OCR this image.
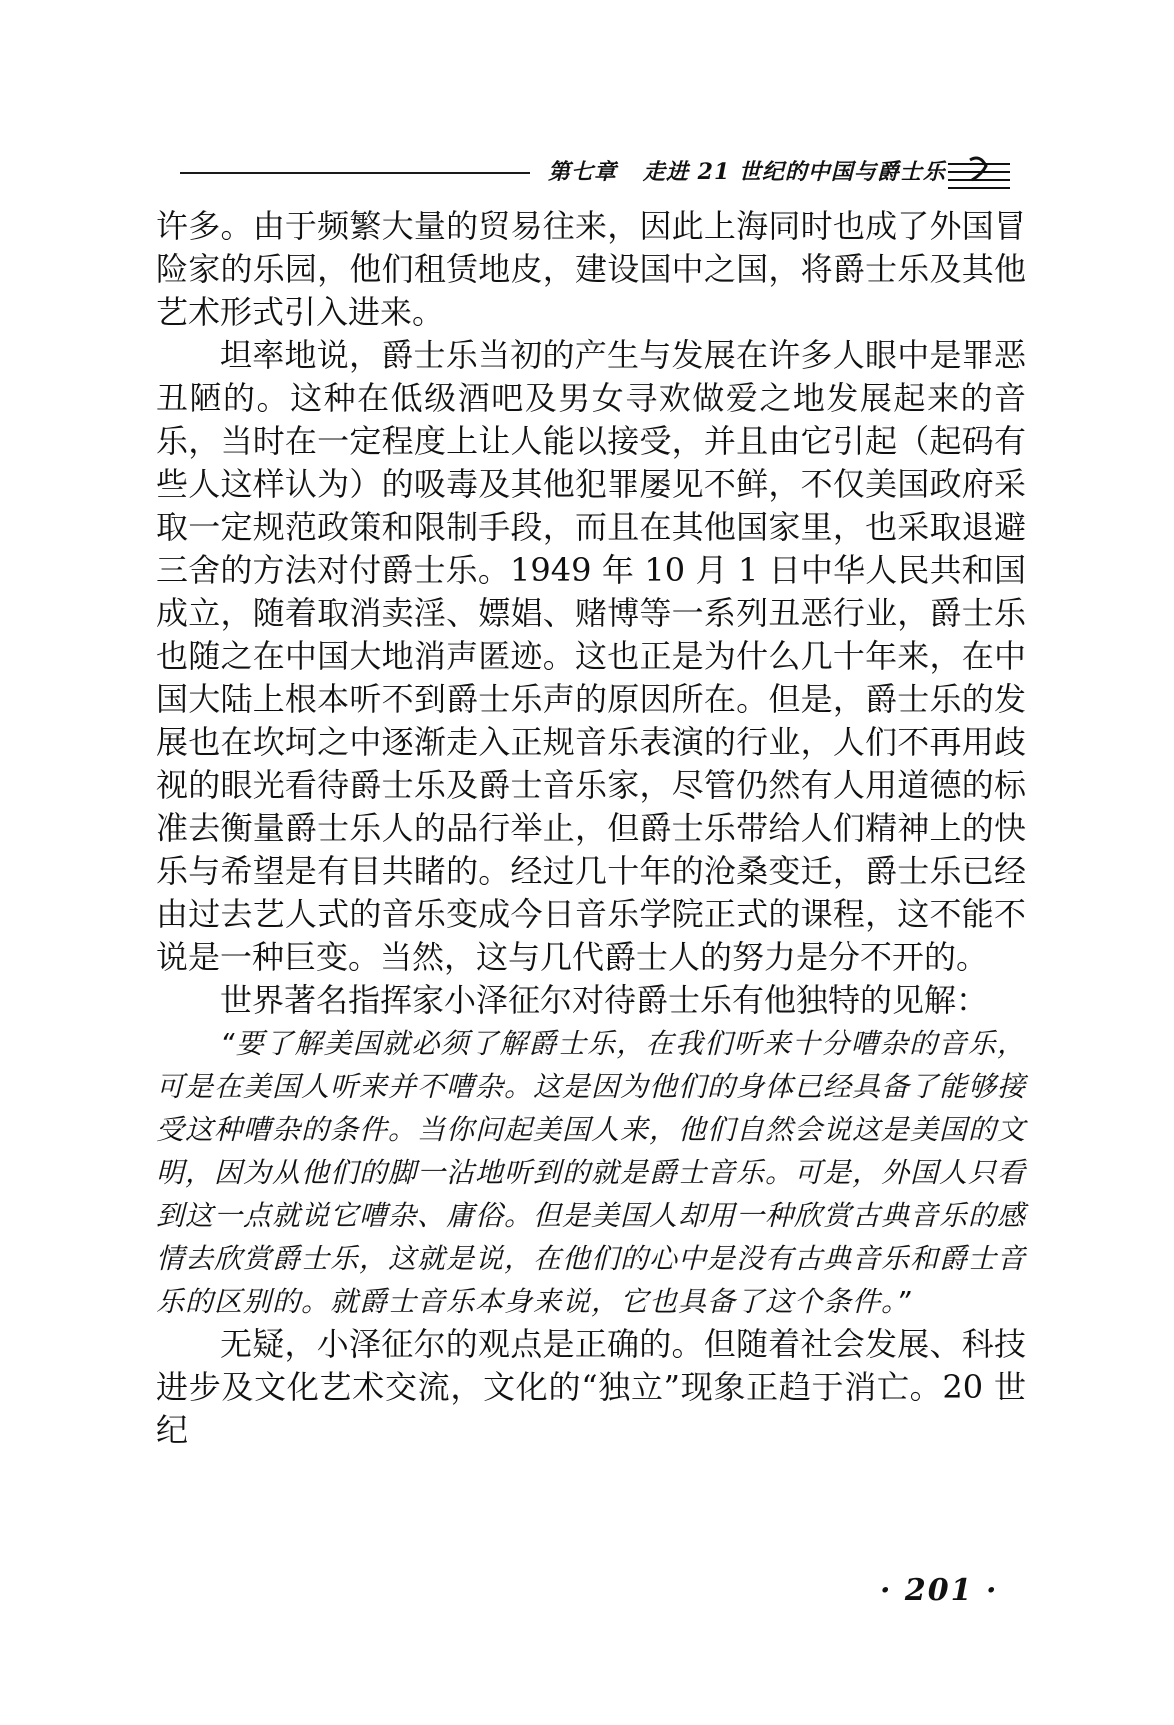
第七章 走进 21 世纪的中国与爵士乐

许多。由于频繁大量的贸易往来，因此上海同时也成了外国冒险家的乐园，他们租赁地皮，建设国中之国，将爵士乐及其他艺术形式引入进来。

坦率地说，爵士乐当初的产生与发展在许多人眼中是罪恶丑陋的。这种在低级酒吧及男女寻欢做爱之地发展起来的音乐，当时在一定程度上让人能以接受，并且由它引起（起码有些人这样认为）的吸毒及其他犯罪屡见不鲜，不仅美国政府采取一定规范政策和限制手段，而且在其他国家里，也采取退避三舍的方法对付爵士乐。1949 年 10 月 1 日中华人民共和国成立，随着取消卖淫、嫖娼、赌博等一系列丑恶行业，爵士乐也随之在中国大地消声匿迹。这也正是为什么几十年来，在中国大陆上根本听不到爵士乐声的原因所在。但是，爵士乐的发展也在坎坷之中逐渐走入正规音乐表演的行业，人们不再用歧视的眼光看待爵士乐及爵士音乐家，尽管仍然有人用道德的标准去衡量爵士乐人的品行举止，但爵士乐带给人们精神上的快乐与希望是有目共睹的。经过几十年的沧桑变迁，爵士乐已经由过去艺人式的音乐变成今日音乐学院正式的课程，这不能不说是一种巨变。当然，这与几代爵士人的努力是分不开的。

世界著名指挥家小泽征尔对待爵士乐有他独特的见解：

“要了解美国就必须了解爵士乐，在我们听来十分嘈杂的音乐，可是在美国人听来并不嘈杂。这是因为他们的身体已经具备了能够接受这种嘈杂的条件。当你问起美国人来，他们自然会说这是美国的文明，因为从他们的脚一沾地听到的就是爵士音乐。可是，外国人只看到这一点就说它嘈杂、庸俗。但是美国人却用一种欣赏古典音乐的感情去欣赏爵士乐，这就是说，在他们的心中是没有古典音乐和爵士音乐的区别的。就爵士音乐本身来说，它也具备了这个条件。”

无疑，小泽征尔的观点是正确的。但随着社会发展、科技进步及文化艺术交流，文化的“独立”现象正趋于消亡。20 世纪

· 201 ·
